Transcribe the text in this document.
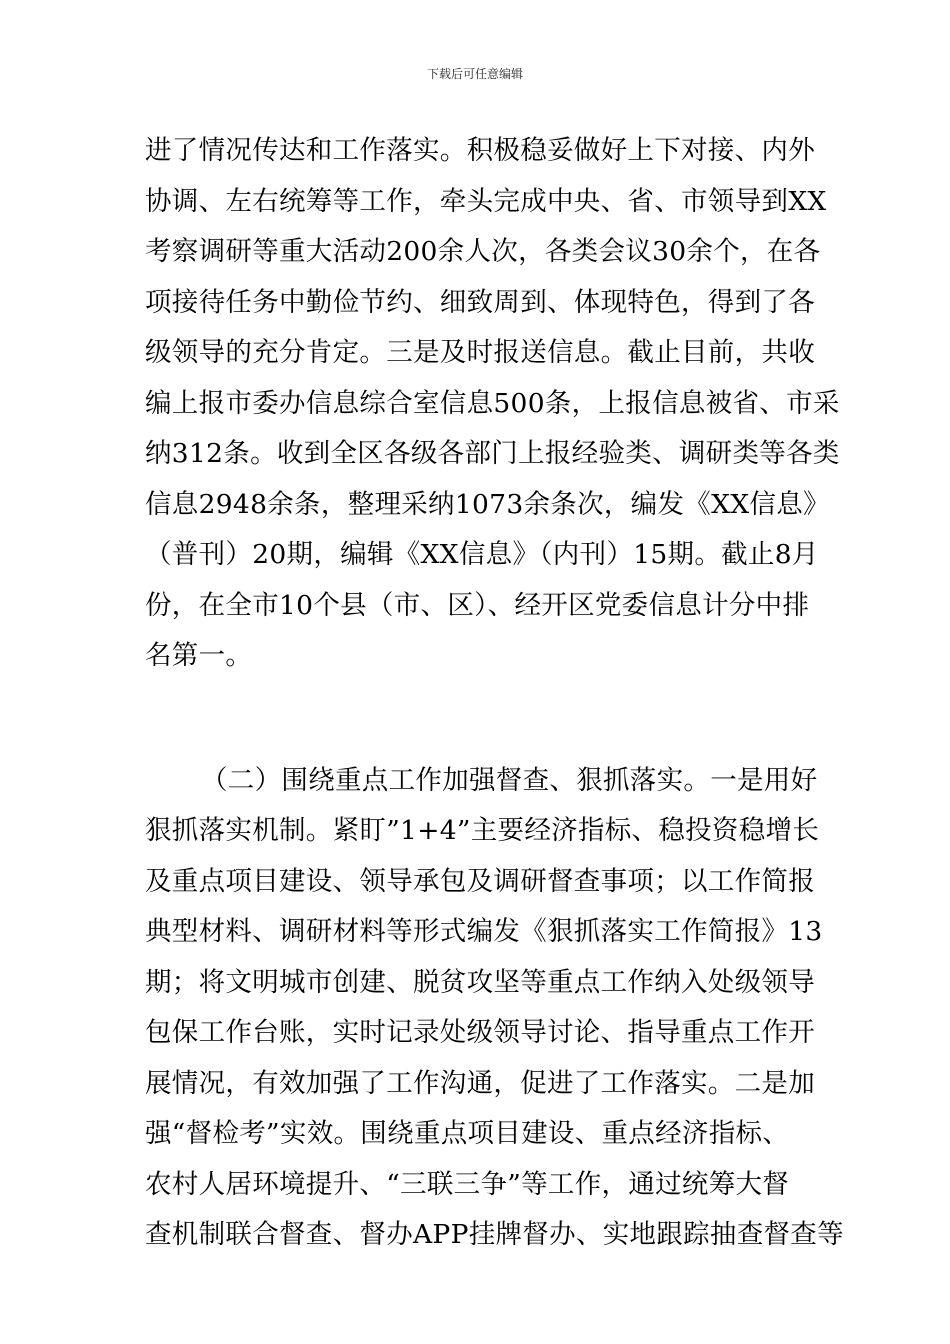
下载后可任意编辑
进了情况传达和工作落实。积极稳妥做好上下对接、内外
协调、左右统筹等工作，牵头完成中央、省、市领导到XX
考察调研等重大活动200余人次，各类会议30余个，在各
项接待任务中勤俭节约、细致周到、体现特色，得到了各
级领导的充分肯定。三是及时报送信息。截止目前，共收
编上报市委办信息综合室信息500条，上报信息被省、市采
纳312条。收到全区各级各部门上报经验类、调研类等各类
信息2948余条，整理采纳1073余条次，编发《XX信息》
（普刊）20期，编辑《XX信息》（内刊）15期。截止8月
份，在全市10个县（市、区）、经开区党委信息计分中排
名第一。
（二）围绕重点工作加强督查、狠抓落实。一是用好
狠抓落实机制。紧盯”1+4”主要经济指标、稳投资稳增长
及重点项目建设、领导承包及调研督查事项；以工作简报
典型材料、调研材料等形式编发《狠抓落实工作简报》13
期；将文明城市创建、脱贫攻坚等重点工作纳入处级领导
包保工作台账，实时记录处级领导讨论、指导重点工作开
展情况，有效加强了工作沟通，促进了工作落实。二是加
强“督检考”实效。围绕重点项目建设、重点经济指标、
农村人居环境提升、“三联三争”等工作，通过统筹大督
查机制联合督查、督办APP挂牌督办、实地跟踪抽查督查等
